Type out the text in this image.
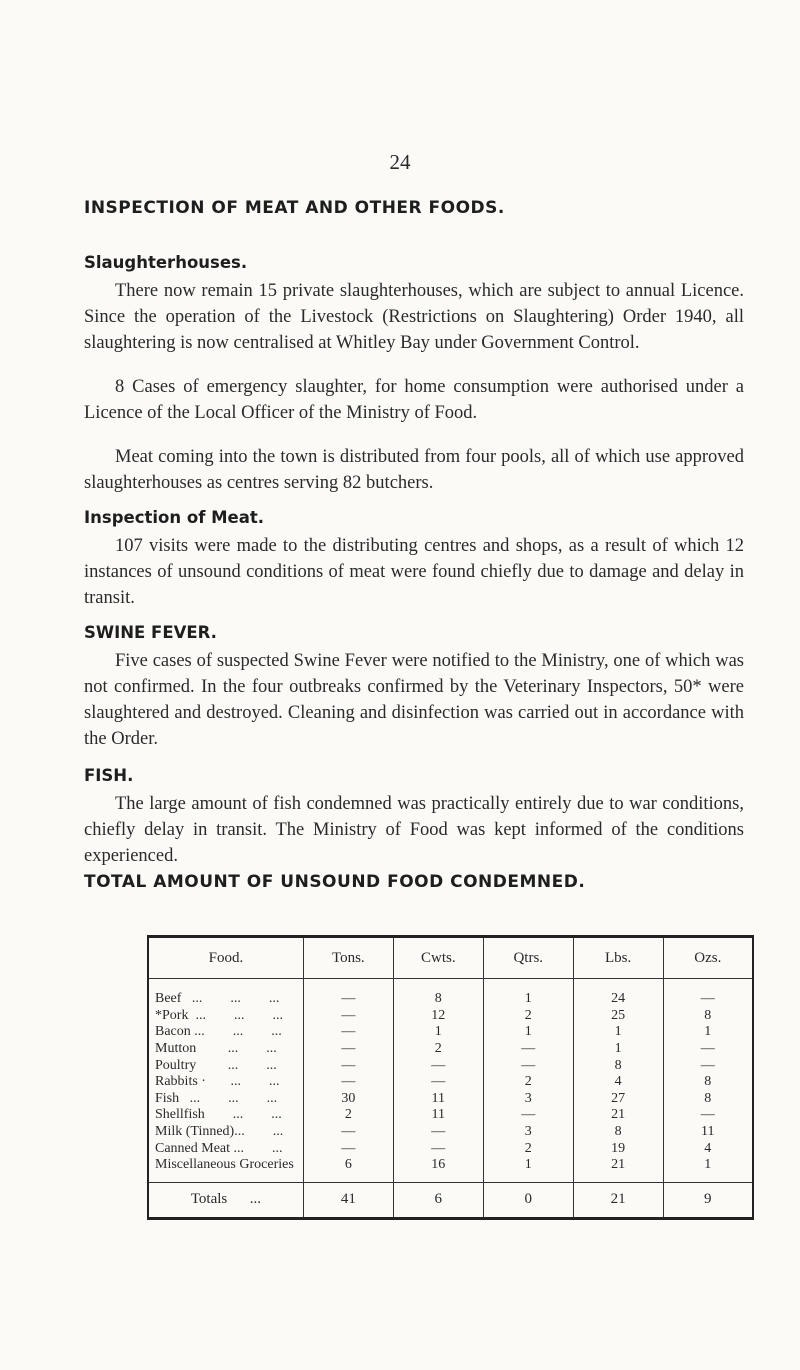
24
INSPECTION OF MEAT AND OTHER FOODS.
Slaughterhouses.

There now remain 15 private slaughterhouses, which are subject to annual Licence. Since the operation of the Livestock (Restrictions on Slaughtering) Order 1940, all slaughtering is now centralised at Whitley Bay under Government Control.

8 Cases of emergency slaughter, for home consumption were authorised under a Licence of the Local Officer of the Ministry of Food.

Meat coming into the town is distributed from four pools, all of which use approved slaughterhouses as centres serving 82 butchers.

Inspection of Meat.

107 visits were made to the distributing centres and shops, as a result of which 12 instances of unsound conditions of meat were found chiefly due to damage and delay in transit.

SWINE FEVER.

Five cases of suspected Swine Fever were notified to the Ministry, one of which was not confirmed. In the four outbreaks confirmed by the Veterinary Inspectors, 50* were slaughtered and destroyed. Cleaning and disinfection was carried out in accordance with the Order.

FISH.

The large amount of fish condemned was practically entirely due to war conditions, chiefly delay in transit. The Ministry of Food was kept informed of the conditions experienced.

TOTAL AMOUNT OF UNSOUND FOOD CONDEMNED.
Food.	Tons.	Cwts.	Qtrs.	Lbs.	Ozs.

Beef   ...        ...        ...	—	8	1	24	—
*Pork  ...        ...        ...	—	12	2	25	8
Bacon ...        ...        ...	—	1	1	1	1
Mutton         ...        ...	—	2	—	1	—
Poultry         ...        ...	—	—	—	8	—
Rabbits ·       ...        ...	—	—	2	4	8
Fish   ...        ...        ...	30	11	3	27	8
Shellfish        ...        ...	2	11	—	21	—
Milk (Tinned)...        ...	—	—	3	8	11
Canned Meat ...        ...	—	—	2	19	4
Miscellaneous Groceries	6	16	1	21	1

Totals      ...	41	6	0	21	9
